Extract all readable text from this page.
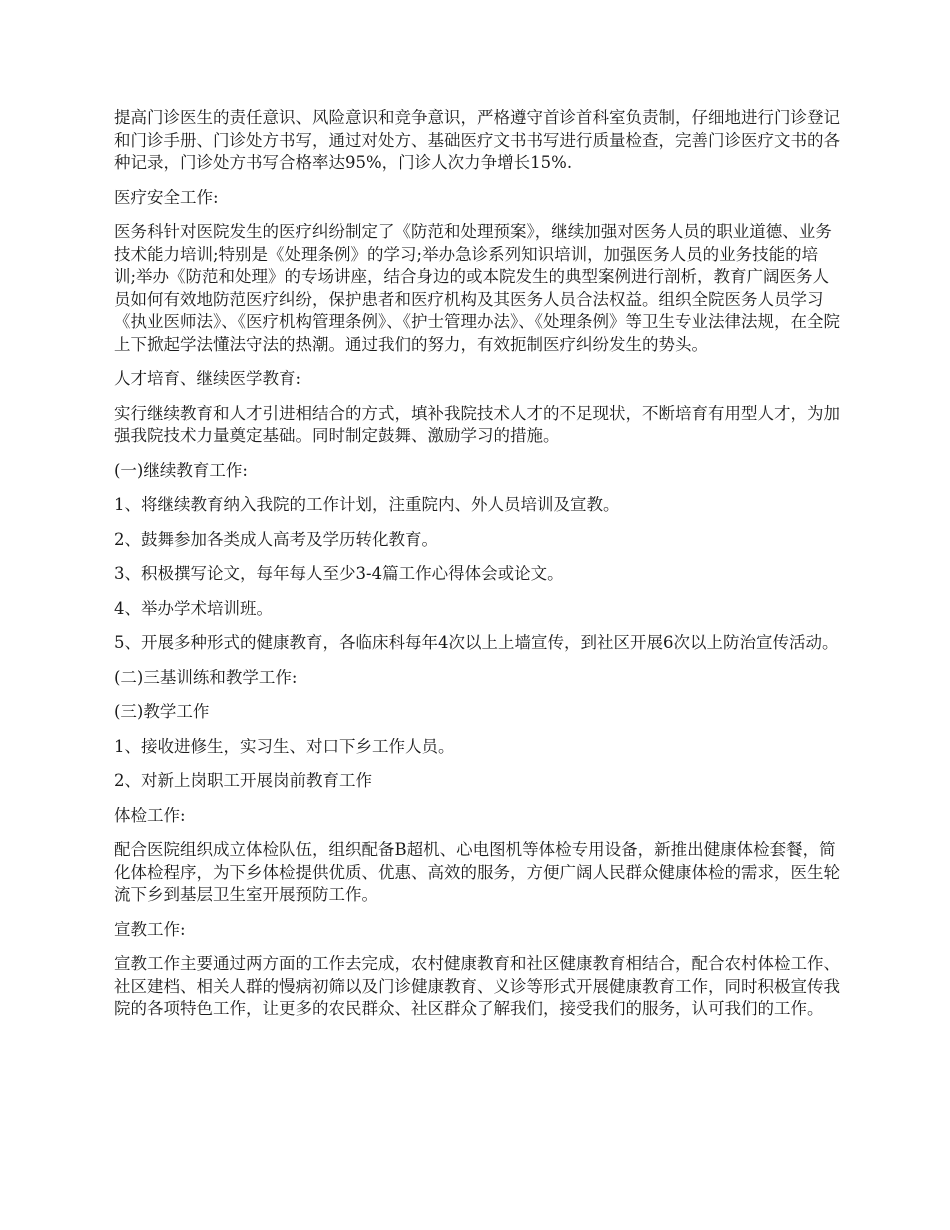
提高门诊医生的责任意识、风险意识和竞争意识，严格遵守首诊首科室负责制，仔细地进行门诊登记和门诊手册、门诊处方书写，通过对处方、基础医疗文书书写进行质量检查，完善门诊医疗文书的各种记录，门诊处方书写合格率达95%，门诊人次力争增长15%.

医疗安全工作:

医务科针对医院发生的医疗纠纷制定了《防范和处理预案》，继续加强对医务人员的职业道德、业务技术能力培训;特别是《处理条例》的学习;举办急诊系列知识培训，加强医务人员的业务技能的培训;举办《防范和处理》的专场讲座，结合身边的或本院发生的典型案例进行剖析，教育广阔医务人员如何有效地防范医疗纠纷，保护患者和医疗机构及其医务人员合法权益。组织全院医务人员学习《执业医师法》、《医疗机构管理条例》、《护士管理办法》、《处理条例》等卫生专业法律法规，在全院上下掀起学法懂法守法的热潮。通过我们的努力，有效扼制医疗纠纷发生的势头。

人才培育、继续医学教育:

实行继续教育和人才引进相结合的方式，填补我院技术人才的不足现状，不断培育有用型人才，为加强我院技术力量奠定基础。同时制定鼓舞、激励学习的措施。

(一)继续教育工作:

1、将继续教育纳入我院的工作计划，注重院内、外人员培训及宣教。

2、鼓舞参加各类成人高考及学历转化教育。

3、积极撰写论文，每年每人至少3-4篇工作心得体会或论文。

4、举办学术培训班。

5、开展多种形式的健康教育，各临床科每年4次以上上墙宣传，到社区开展6次以上防治宣传活动。

(二)三基训练和教学工作:

(三)教学工作

1、接收进修生，实习生、对口下乡工作人员。

2、对新上岗职工开展岗前教育工作

体检工作:

配合医院组织成立体检队伍，组织配备B超机、心电图机等体检专用设备，新推出健康体检套餐，简化体检程序，为下乡体检提供优质、优惠、高效的服务，方便广阔人民群众健康体检的需求，医生轮流下乡到基层卫生室开展预防工作。

宣教工作:

宣教工作主要通过两方面的工作去完成，农村健康教育和社区健康教育相结合，配合农村体检工作、社区建档、相关人群的慢病初筛以及门诊健康教育、义诊等形式开展健康教育工作，同时积极宣传我院的各项特色工作，让更多的农民群众、社区群众了解我们，接受我们的服务，认可我们的工作。
